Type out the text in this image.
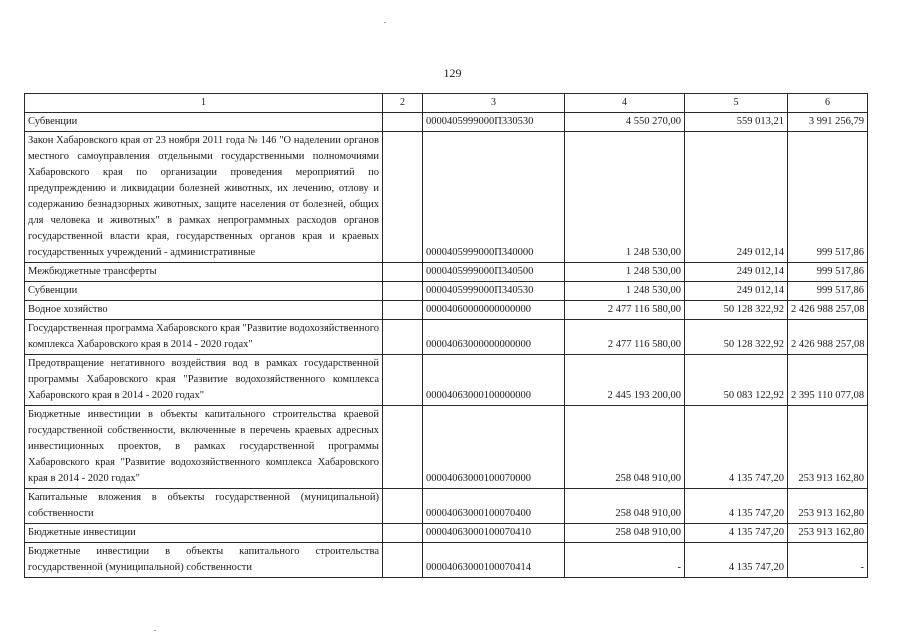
129
1	2	3	4	5	6
Субвенции		0000405999000П330530	4 550 270,00	559 013,21	3 991 256,79
Закон Хабаровского края от 23 ноября 2011 года № 146 "О наделении органов местного самоуправления отдельными государственными полномочиями Хабаровского края по организации проведения мероприятий по предупреждению и ликвидации болезней животных, их лечению, отлову и содержанию безнадзорных животных, защите населения от болезней, общих для человека и животных" в рамках непрограммных расходов органов государственной власти края, государственных органов края и краевых государственных учреждений - административные		0000405999000П340000	1 248 530,00	249 012,14	999 517,86
Межбюджетные трансферты		0000405999000П340500	1 248 530,00	249 012,14	999 517,86
Субвенции		0000405999000П340530	1 248 530,00	249 012,14	999 517,86
Водное хозяйство		00004060000000000000	2 477 116 580,00	50 128 322,92	2 426 988 257,08
Государственная программа Хабаровского края "Развитие водохозяйственного комплекса Хабаровского края в 2014 - 2020 годах"		00004063000000000000	2 477 116 580,00	50 128 322,92	2 426 988 257,08
Предотвращение негативного воздействия вод в рамках государственной программы Хабаровского края "Развитие водохозяйственного комплекса Хабаровского края в 2014 - 2020 годах"		00004063000100000000	2 445 193 200,00	50 083 122,92	2 395 110 077,08
Бюджетные инвестиции в объекты капитального строительства краевой государственной собственности, включенные в перечень краевых адресных инвестиционных проектов, в рамках государственной программы Хабаровского края "Развитие водохозяйственного комплекса Хабаровского края в 2014 - 2020 годах"		00004063000100070000	258 048 910,00	4 135 747,20	253 913 162,80
Капитальные вложения в объекты государственной (муниципальной) собственности		00004063000100070400	258 048 910,00	4 135 747,20	253 913 162,80
Бюджетные инвестиции		00004063000100070410	258 048 910,00	4 135 747,20	253 913 162,80
Бюджетные инвестиции в объекты капитального строительства государственной (муниципальной) собственности		00004063000100070414	-	4 135 747,20	-
